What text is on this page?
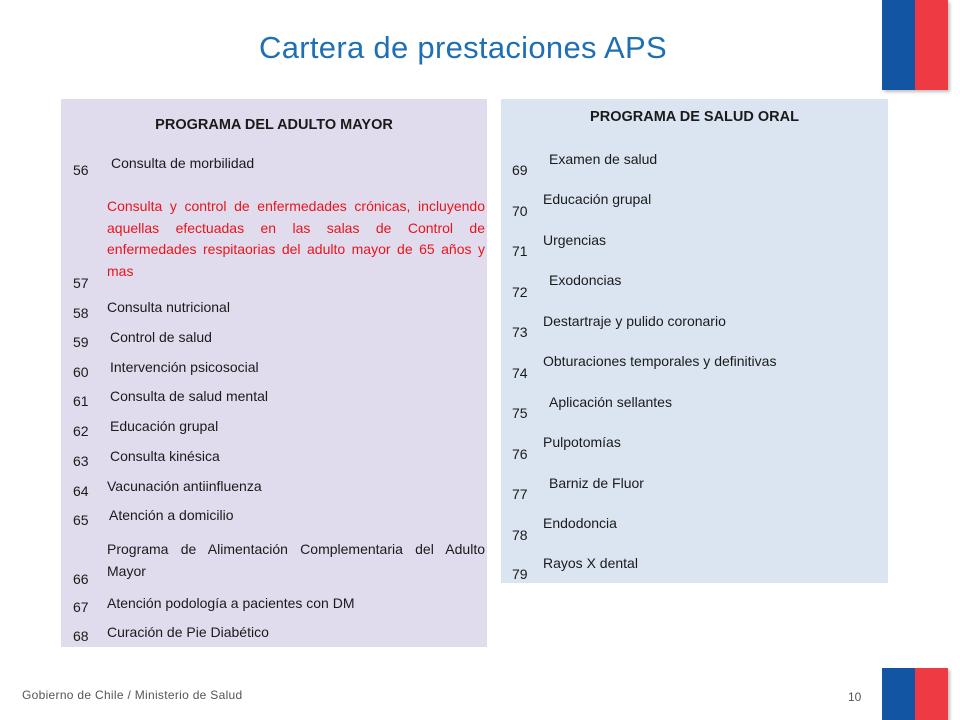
Cartera de prestaciones APS
PROGRAMA DEL ADULTO MAYOR
56 Consulta de morbilidad
Consulta y control de enfermedades crónicas, incluyendo aquellas efectuadas en las salas de Control de enfermedades respitaorias del adulto mayor de 65 años y mas
57
58 Consulta nutricional
59 Control de salud
60 Intervención psicosocial
61 Consulta de salud mental
62 Educación grupal
63 Consulta kinésica
64 Vacunación antiinfluenza
65 Atención a domicilio
Programa de Alimentación Complementaria del Adulto Mayor
66
67 Atención podología a pacientes con DM
68 Curación de Pie Diabético
PROGRAMA DE SALUD ORAL
69
Examen de salud
70
Educación grupal
71
Urgencias
72
Exodoncias
73
Destartraje y pulido coronario
74
Obturaciones temporales y definitivas
75
Aplicación sellantes
76
Pulpotomías
77
Barniz de Fluor
78
Endodoncia
79
Rayos X dental
Gobierno de Chile / Ministerio de Salud	10
